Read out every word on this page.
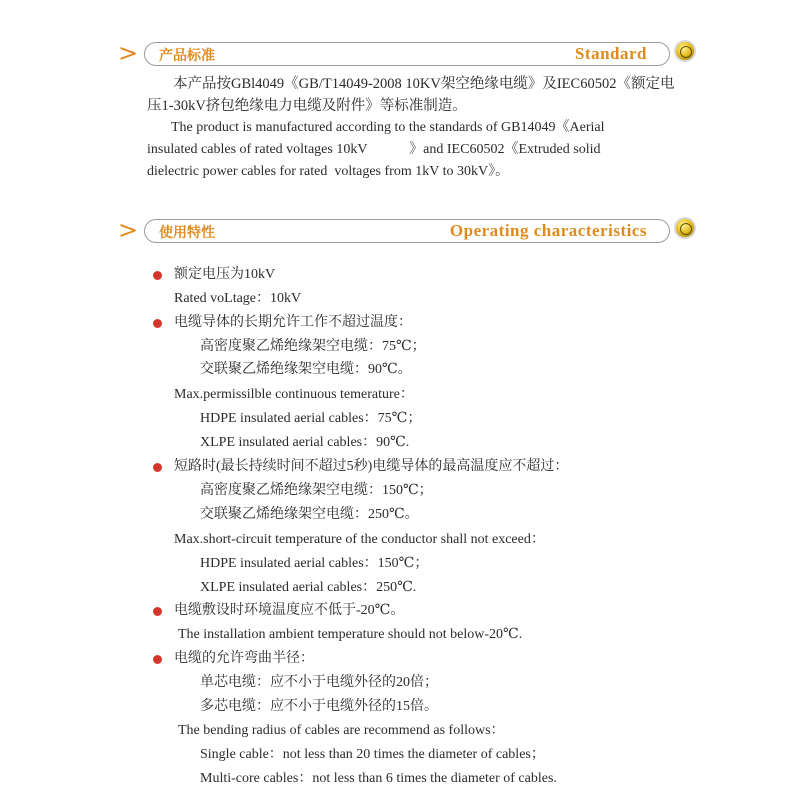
> 产品标准	Standard
本产品按GBl4049《GB/T14049-2008 10KV架空绝缘电缆》及IEC60502《额定电
压1-30kV挤包绝缘电力电缆及附件》等标准制造。
The product is manufactured according to the standards of GB14049《Aerial
insulated cables of rated voltages 10kV            》and IEC60502《Extruded solid
dielectric power cables for rated  voltages from 1kV to 30kV》。
> 使用特性	Operating characteristics
额定电压为10kV
Rated voLtage：10kV
电缆导体的长期允许工作不超过温度：
高密度聚乙烯绝缘架空电缆：75℃；
交联聚乙烯绝缘架空电缆：90℃。
Max.permissilble continuous temerature：
HDPE insulated aerial cables：75℃；
XLPE insulated aerial cables：90℃.
短路时(最长持续时间不超过5秒)电缆导体的最高温度应不超过：
高密度聚乙烯绝缘架空电缆：150℃；
交联聚乙烯绝缘架空电缆：250℃。
Max.short-circuit temperature of the conductor shall not exceed：
HDPE insulated aerial cables：150℃；
XLPE insulated aerial cables：250℃.
电缆敷设时环境温度应不低于-20℃。
The installation ambient temperature should not below-20℃.
电缆的允许弯曲半径：
单芯电缆：应不小于电缆外径的20倍；
多芯电缆：应不小于电缆外径的15倍。
The bending radius of cables are recommend as follows：
Single cable：not less than 20 times the diameter of cables；
Multi-core cables：not less than 6 times the diameter of cables.
